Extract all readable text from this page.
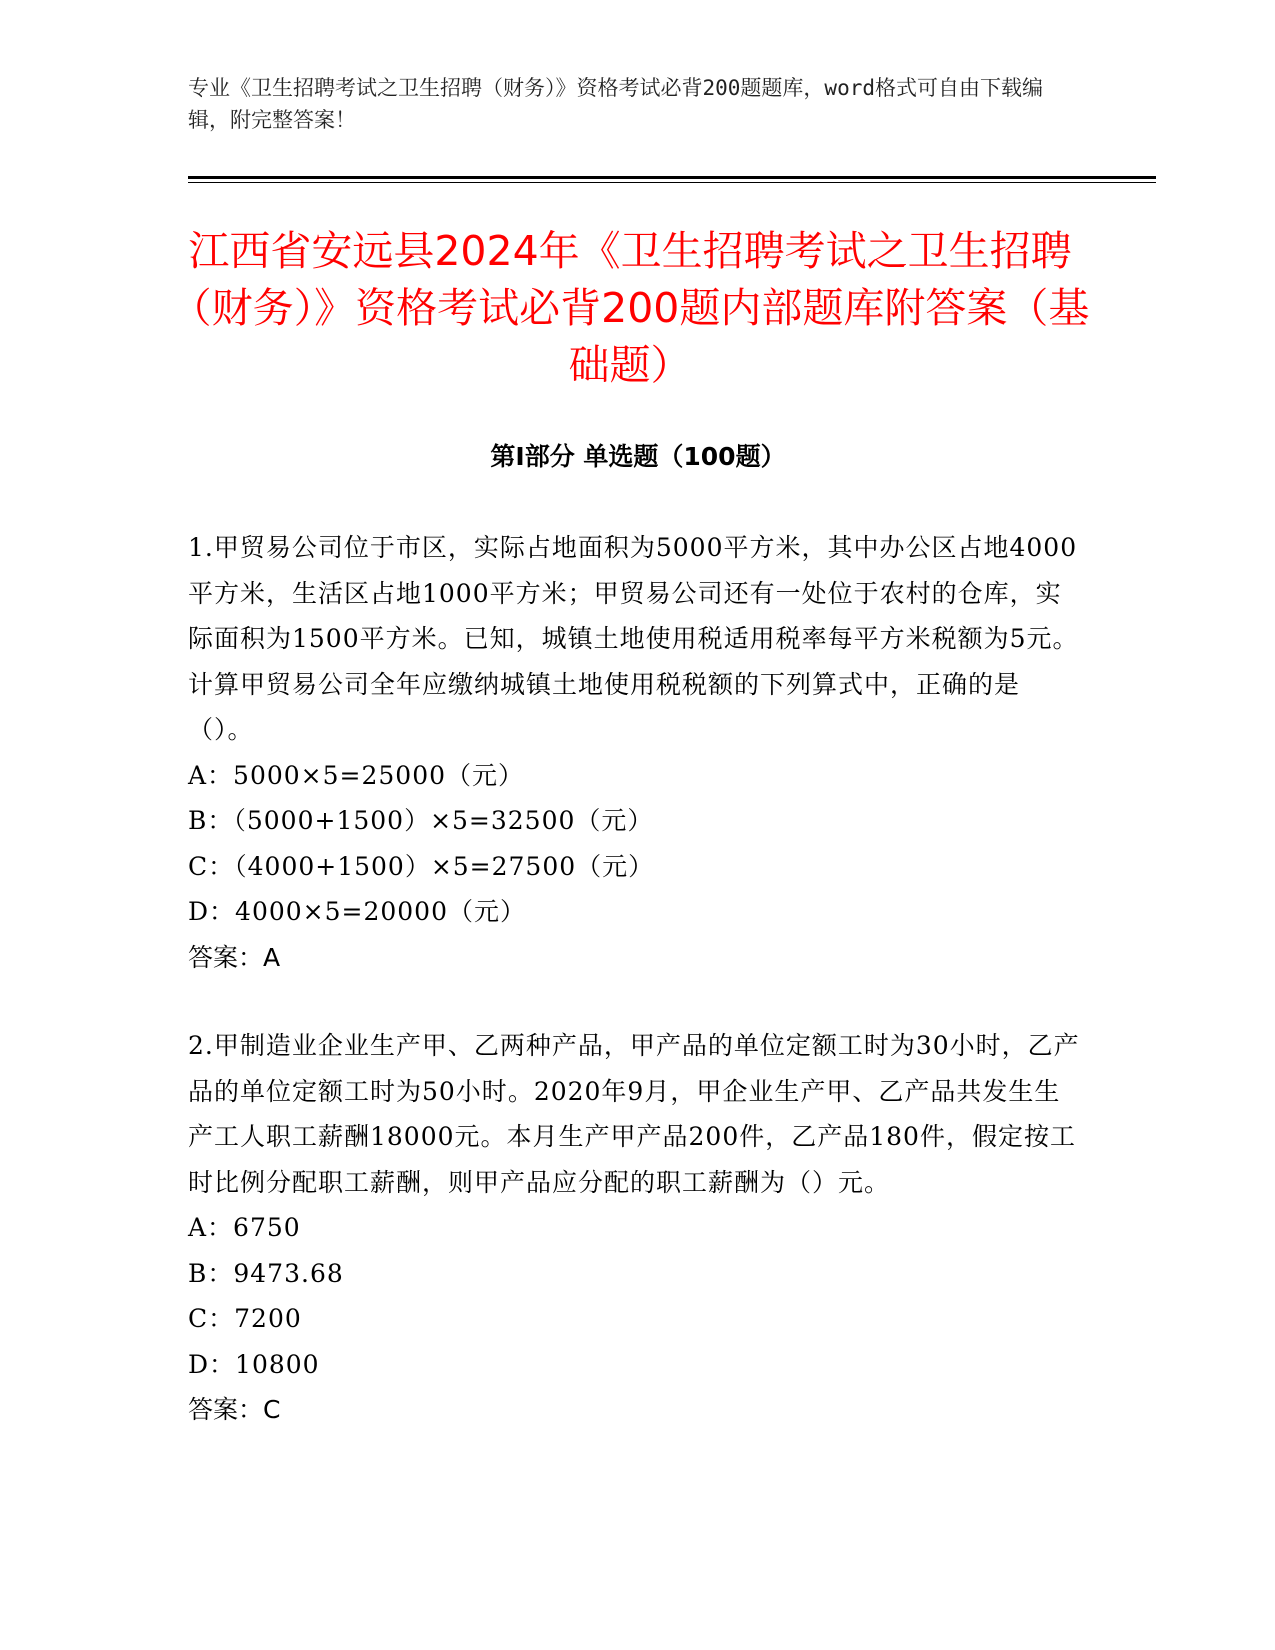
专业《卫生招聘考试之卫生招聘（财务）》资格考试必背200题题库，word格式可自由下载编辑，附完整答案！
江西省安远县2024年《卫生招聘考试之卫生招聘（财务）》资格考试必背200题内部题库附答案（基础题）
第I部分 单选题（100题）

1.甲贸易公司位于市区，实际占地面积为5000平方米，其中办公区占地4000平方米，生活区占地1000平方米；甲贸易公司还有一处位于农村的仓库，实际面积为1500平方米。已知，城镇土地使用税适用税率每平方米税额为5元。计算甲贸易公司全年应缴纳城镇土地使用税税额的下列算式中，正确的是（）。

A：5000×5=25000（元）

B：（5000+1500）×5=32500（元）

C：（4000+1500）×5=27500（元）

D：4000×5=20000（元）

答案：A

2.甲制造业企业生产甲、乙两种产品，甲产品的单位定额工时为30小时，乙产品的单位定额工时为50小时。2020年9月，甲企业生产甲、乙产品共发生生产工人职工薪酬18000元。本月生产甲产品200件，乙产品180件，假定按工时比例分配职工薪酬，则甲产品应分配的职工薪酬为（）元。

A：6750

B：9473.68

C：7200

D：10800

答案：C
